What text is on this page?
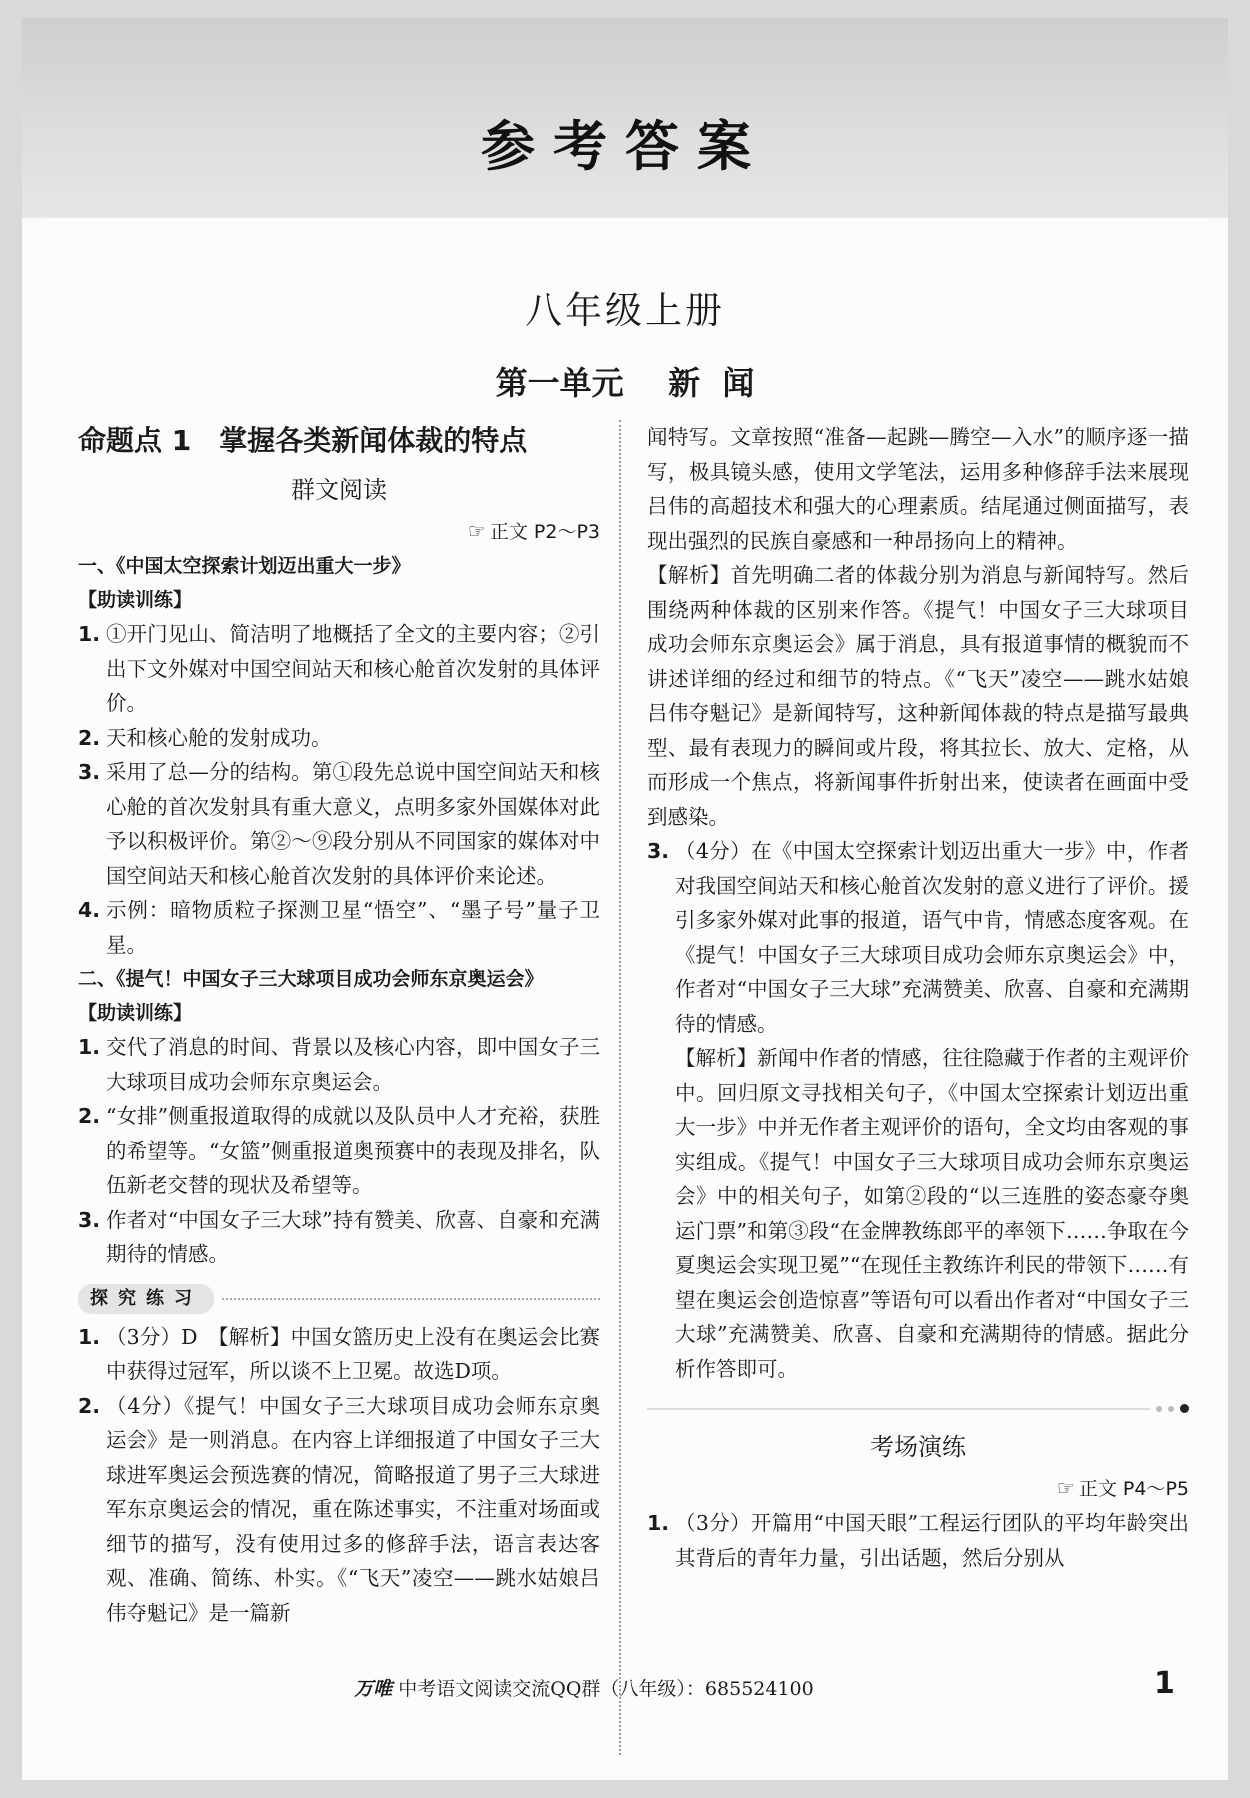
参考答案
八年级上册
第一单元    新  闻
命题点 1　掌握各类新闻体裁的特点
群文阅读
☞ 正文 P2～P3
一、《中国太空探索计划迈出重大一步》
【助读训练】
1. ①开门见山、简洁明了地概括了全文的主要内容；②引出下文外媒对中国空间站天和核心舱首次发射的具体评价。

2. 天和核心舱的发射成功。

3. 采用了总—分的结构。第①段先总说中国空间站天和核心舱的首次发射具有重大意义，点明多家外国媒体对此予以积极评价。第②～⑨段分别从不同国家的媒体对中国空间站天和核心舱首次发射的具体评价来论述。

4. 示例：暗物质粒子探测卫星“悟空”、“墨子号”量子卫星。

二、《提气！中国女子三大球项目成功会师东京奥运会》
【助读训练】
1. 交代了消息的时间、背景以及核心内容，即中国女子三大球项目成功会师东京奥运会。

2. “女排”侧重报道取得的成就以及队员中人才充裕，获胜的希望等。“女篮”侧重报道奥预赛中的表现及排名，队伍新老交替的现状及希望等。

3. 作者对“中国女子三大球”持有赞美、欣喜、自豪和充满期待的情感。

探究练习
1. （3分）D　【解析】中国女篮历史上没有在奥运会比赛中获得过冠军，所以谈不上卫冕。故选D项。

2. （4分）《提气！中国女子三大球项目成功会师东京奥运会》是一则消息。在内容上详细报道了中国女子三大球进军奥运会预选赛的情况，简略报道了男子三大球进军东京奥运会的情况，重在陈述事实，不注重对场面或细节的描写，没有使用过多的修辞手法，语言表达客观、准确、简练、朴实。《“飞天”凌空——跳水姑娘吕伟夺魁记》是一篇新

闻特写。文章按照“准备—起跳—腾空—入水”的顺序逐一描写，极具镜头感，使用文学笔法，运用多种修辞手法来展现吕伟的高超技术和强大的心理素质。结尾通过侧面描写，表现出强烈的民族自豪感和一种昂扬向上的精神。

【解析】首先明确二者的体裁分别为消息与新闻特写。然后围绕两种体裁的区别来作答。《提气！中国女子三大球项目成功会师东京奥运会》属于消息，具有报道事情的概貌而不讲述详细的经过和细节的特点。《“飞天”凌空——跳水姑娘吕伟夺魁记》是新闻特写，这种新闻体裁的特点是描写最典型、最有表现力的瞬间或片段，将其拉长、放大、定格，从而形成一个焦点，将新闻事件折射出来，使读者在画面中受到感染。

3. （4分）在《中国太空探索计划迈出重大一步》中，作者对我国空间站天和核心舱首次发射的意义进行了评价。援引多家外媒对此事的报道，语气中肯，情感态度客观。在《提气！中国女子三大球项目成功会师东京奥运会》中，作者对“中国女子三大球”充满赞美、欣喜、自豪和充满期待的情感。

【解析】新闻中作者的情感，往往隐藏于作者的主观评价中。回归原文寻找相关句子，《中国太空探索计划迈出重大一步》中并无作者主观评价的语句，全文均由客观的事实组成。《提气！中国女子三大球项目成功会师东京奥运会》中的相关句子，如第②段的“以三连胜的姿态豪夺奥运门票”和第③段“在金牌教练郎平的率领下……争取在今夏奥运会实现卫冕”“在现任主教练许利民的带领下……有望在奥运会创造惊喜”等语句可以看出作者对“中国女子三大球”充满赞美、欣喜、自豪和充满期待的情感。据此分析作答即可。

考场演练
☞ 正文 P4～P5
1. （3分）开篇用“中国天眼”工程运行团队的平均年龄突出其背后的青年力量，引出话题，然后分别从

万唯 中考语文阅读交流QQ群（八年级）：685524100	1
